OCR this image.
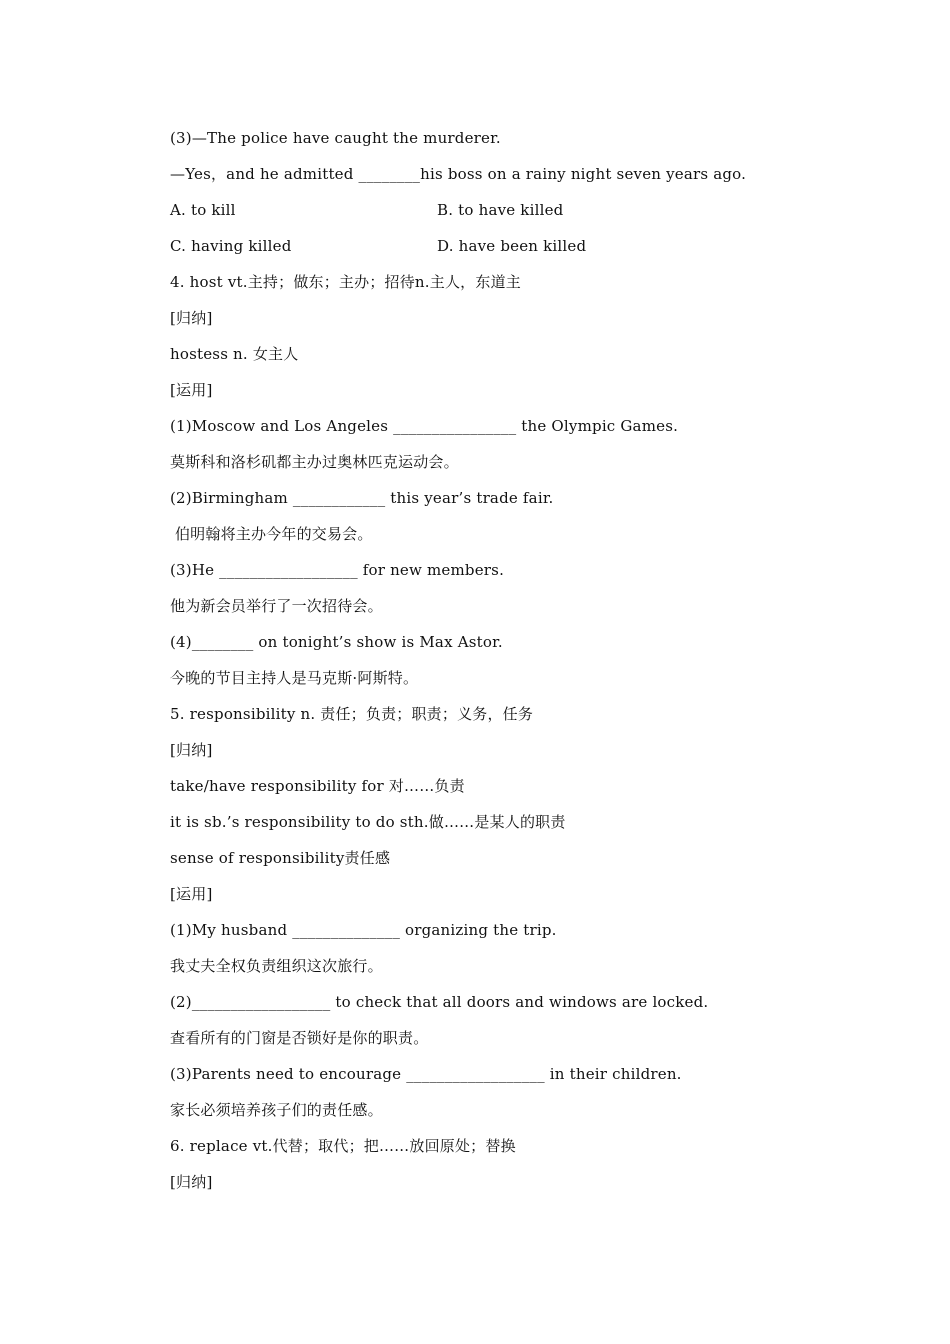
(3)—The police have caught the murderer.
—Yes，and he admitted ________his boss on a rainy night seven years ago.
A. to kill	B. to have killed
C. having killed	D. have been killed
4. host vt.主持；做东；主办；招待n.主人，东道主
[归纳]
hostess n. 女主人
[运用]
(1)Moscow and Los Angeles ________________ the Olympic Games.
莫斯科和洛杉矶都主办过奥林匹克运动会。
(2)Birmingham ____________ this year’s trade fair.
伯明翰将主办今年的交易会。
(3)He __________________ for new members.
他为新会员举行了一次招待会。
(4)________ on tonight’s show is Max Astor.
今晚的节目主持人是马克斯·阿斯特。
5. responsibility n. 责任；负责；职责；义务，任务
[归纳]
take/have responsibility for 对……负责
it is sb.’s responsibility to do sth.做……是某人的职责
sense of responsibility责任感
[运用]
(1)My husband ______________ organizing the trip.
我丈夫全权负责组织这次旅行。
(2)__________________ to check that all doors and windows are locked.
查看所有的门窗是否锁好是你的职责。
(3)Parents need to encourage __________________ in their children.
家长必须培养孩子们的责任感。
6. replace vt.代替；取代；把……放回原处；替换
[归纳]
